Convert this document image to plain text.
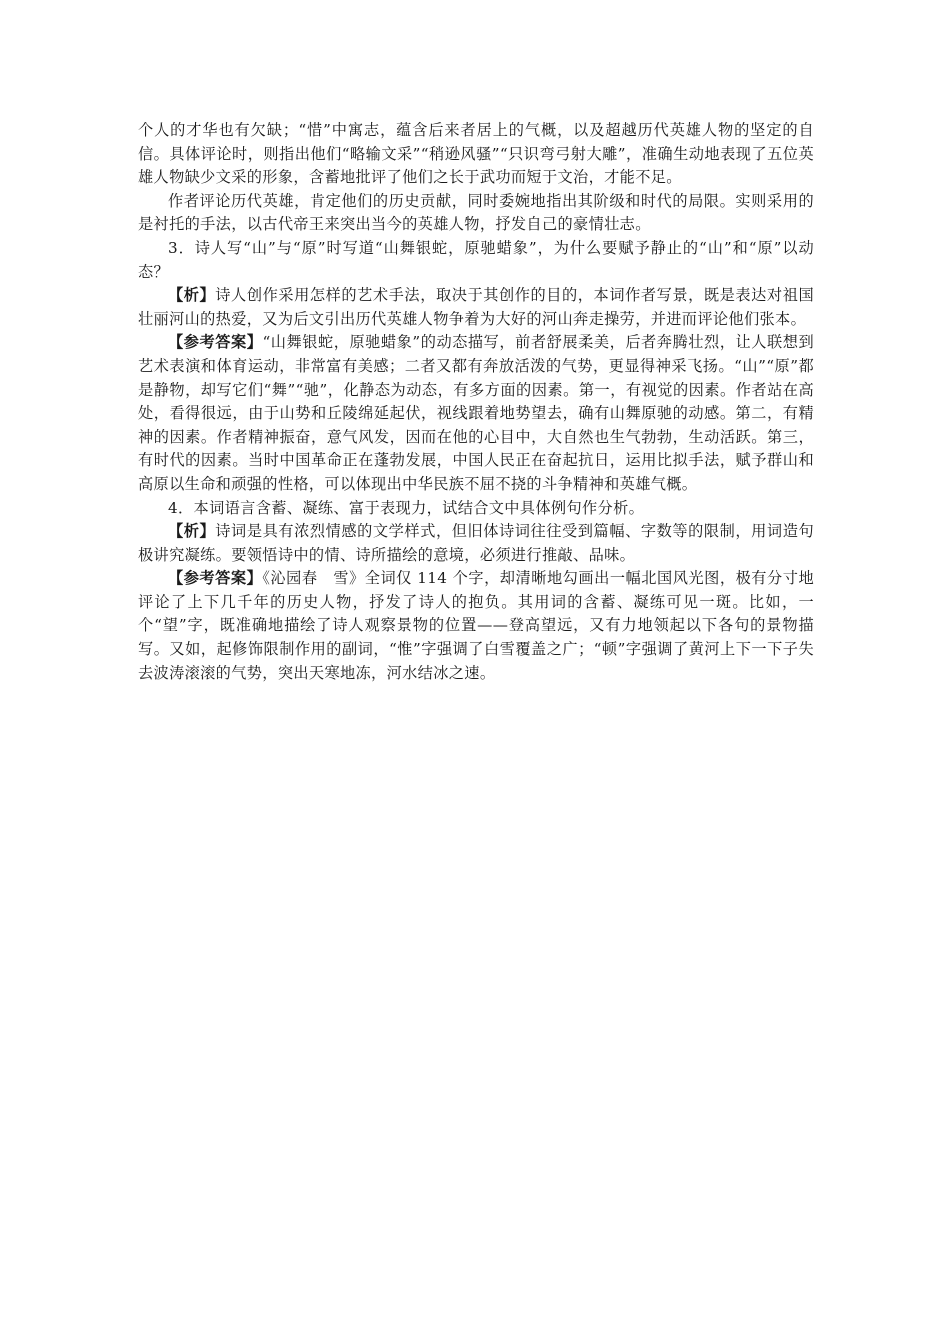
个人的才华也有欠缺；“惜”中寓志，蕴含后来者居上的气概，以及超越历代英雄人物的坚定的自信。具体评论时，则指出他们“略输文采”“稍逊风骚”“只识弯弓射大雕”，准确生动地表现了五位英雄人物缺少文采的形象，含蓄地批评了他们之长于武功而短于文治，才能不足。

作者评论历代英雄，肯定他们的历史贡献，同时委婉地指出其阶级和时代的局限。实则采用的是衬托的手法，以古代帝王来突出当今的英雄人物，抒发自己的豪情壮志。

3．诗人写“山”与“原”时写道“山舞银蛇，原驰蜡象”，为什么要赋予静止的“山”和“原”以动态？

【析】诗人创作采用怎样的艺术手法，取决于其创作的目的，本词作者写景，既是表达对祖国壮丽河山的热爱，又为后文引出历代英雄人物争着为大好的河山奔走操劳，并进而评论他们张本。

【参考答案】“山舞银蛇，原驰蜡象”的动态描写，前者舒展柔美，后者奔腾壮烈，让人联想到艺术表演和体育运动，非常富有美感；二者又都有奔放活泼的气势，更显得神采飞扬。“山”“原”都是静物，却写它们“舞”“驰”，化静态为动态，有多方面的因素。第一，有视觉的因素。作者站在高处，看得很远，由于山势和丘陵绵延起伏，视线跟着地势望去，确有山舞原驰的动感。第二，有精神的因素。作者精神振奋，意气风发，因而在他的心目中，大自然也生气勃勃，生动活跃。第三，有时代的因素。当时中国革命正在蓬勃发展，中国人民正在奋起抗日，运用比拟手法，赋予群山和高原以生命和顽强的性格，可以体现出中华民族不屈不挠的斗争精神和英雄气概。

4．本词语言含蓄、凝练、富于表现力，试结合文中具体例句作分析。

【析】诗词是具有浓烈情感的文学样式，但旧体诗词往往受到篇幅、字数等的限制，用词造句极讲究凝练。要领悟诗中的情、诗所描绘的意境，必须进行推敲、品味。

【参考答案】《沁园春　雪》全词仅 114 个字，却清晰地勾画出一幅北国风光图，极有分寸地评论了上下几千年的历史人物，抒发了诗人的抱负。其用词的含蓄、凝练可见一斑。比如，一个“望”字，既准确地描绘了诗人观察景物的位置——登高望远，又有力地领起以下各句的景物描写。又如，起修饰限制作用的副词，“惟”字强调了白雪覆盖之广；“顿”字强调了黄河上下一下子失去波涛滚滚的气势，突出天寒地冻，河水结冰之速。
